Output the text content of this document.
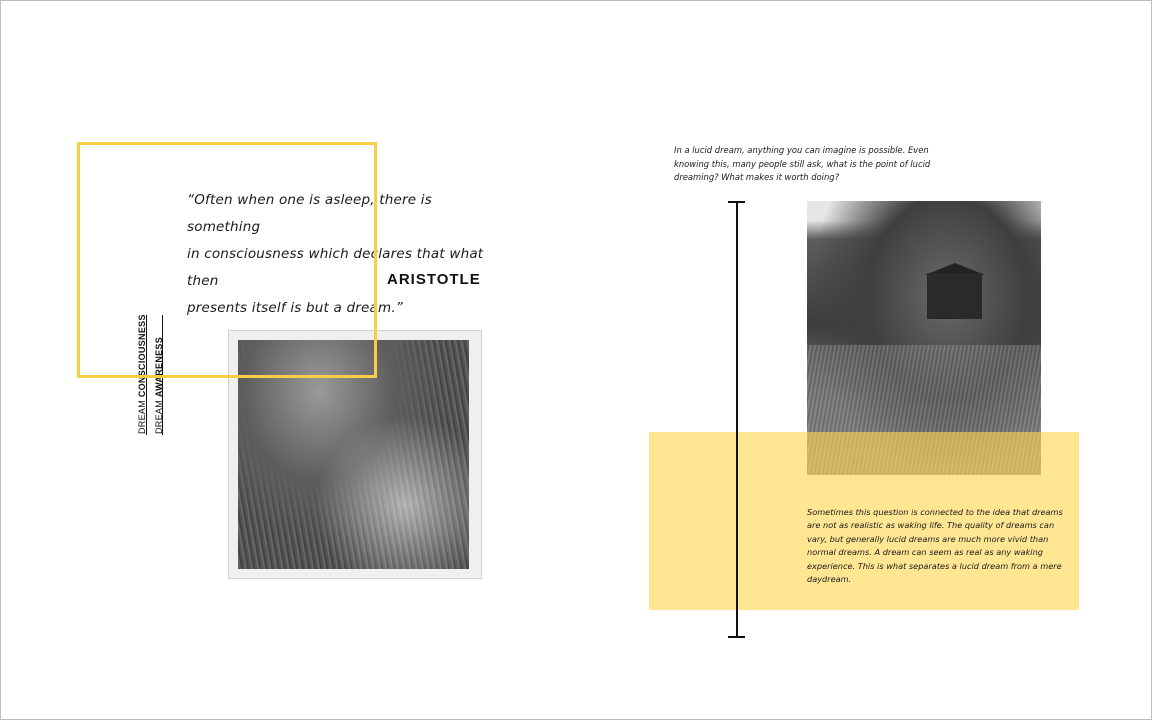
“Often when one is asleep, there is something
in consciousness which declares that what then
presents itself is but a dream.”
ARISTOTLE
DREAM CONSCIOUSNESS
DREAM AWARENESS
In a lucid dream, anything you can imagine is possible. Even knowing this, many people still ask, what is the point of lucid dreaming? What makes it worth doing?
Sometimes this question is connected to the idea that dreams are not as realistic as waking life. The quality of dreams can vary, but generally lucid dreams are much more vivid than normal dreams. A dream can seem as real as any waking experience. This is what separates a lucid dream from a mere daydream.
